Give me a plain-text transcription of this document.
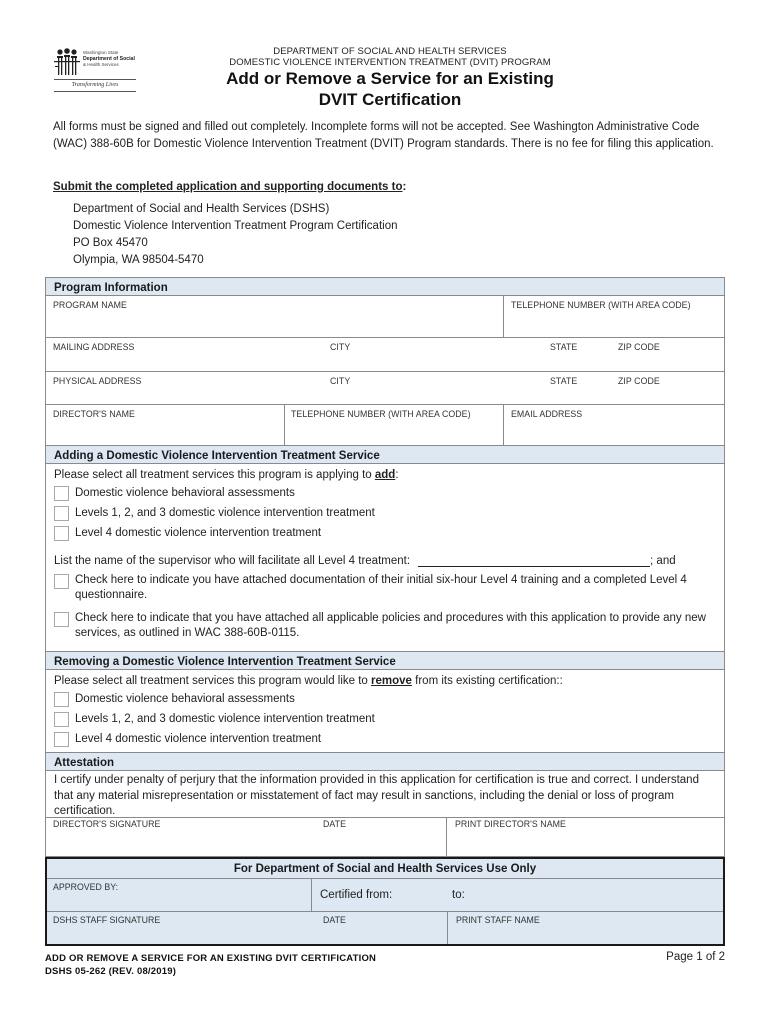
Washington State
Department of Social
& Health Services
Transforming Lives
DEPARTMENT OF SOCIAL AND HEALTH SERVICES
DOMESTIC VIOLENCE INTERVENTION TREATMENT (DVIT) PROGRAM
Add or Remove a Service for an Existing
DVIT Certification
All forms must be signed and filled out completely. Incomplete forms will not be accepted. See Washington Administrative Code (WAC) 388-60B for Domestic Violence Intervention Treatment (DVIT) Program standards. There is no fee for filing this application.
Submit the completed application and supporting documents to:
Department of Social and Health Services (DSHS)
Domestic Violence Intervention Treatment Program Certification
PO Box 45470
Olympia, WA 98504-5470
Program Information
PROGRAM NAME	TELEPHONE NUMBER (WITH AREA CODE)
MAILING ADDRESS	CITY	STATE	ZIP CODE
PHYSICAL ADDRESS	CITY	STATE	ZIP CODE
DIRECTOR'S NAME	TELEPHONE NUMBER (WITH AREA CODE)	EMAIL ADDRESS
Adding a Domestic Violence Intervention Treatment Service
Please select all treatment services this program is applying to add:
Domestic violence behavioral assessments
Levels 1, 2, and 3 domestic violence intervention treatment
Level 4 domestic violence intervention treatment
List the name of the supervisor who will facilitate all Level 4 treatment:	; and
Check here to indicate you have attached documentation of their initial six-hour Level 4 training and a completed Level 4 questionnaire.
Check here to indicate that you have attached all applicable policies and procedures with this application to provide any new services, as outlined in WAC 388-60B-0115.
Removing a Domestic Violence Intervention Treatment Service
Please select all treatment services this program would like to remove from its existing certification::
Domestic violence behavioral assessments
Levels 1, 2, and 3 domestic violence intervention treatment
Level 4 domestic violence intervention treatment
Attestation
I certify under penalty of perjury that the information provided in this application for certification is true and correct. I understand that any material misrepresentation or misstatement of fact may result in sanctions, including the denial or loss of program certification.
DIRECTOR'S SIGNATURE	DATE	PRINT DIRECTOR'S NAME
For Department of Social and Health Services Use Only
APPROVED BY:
Certified from:	to:
DSHS STAFF SIGNATURE	DATE	PRINT STAFF NAME
ADD OR REMOVE A SERVICE FOR AN EXISTING DVIT CERTIFICATION
DSHS 05-262 (REV. 08/2019)
Page 1 of 2
